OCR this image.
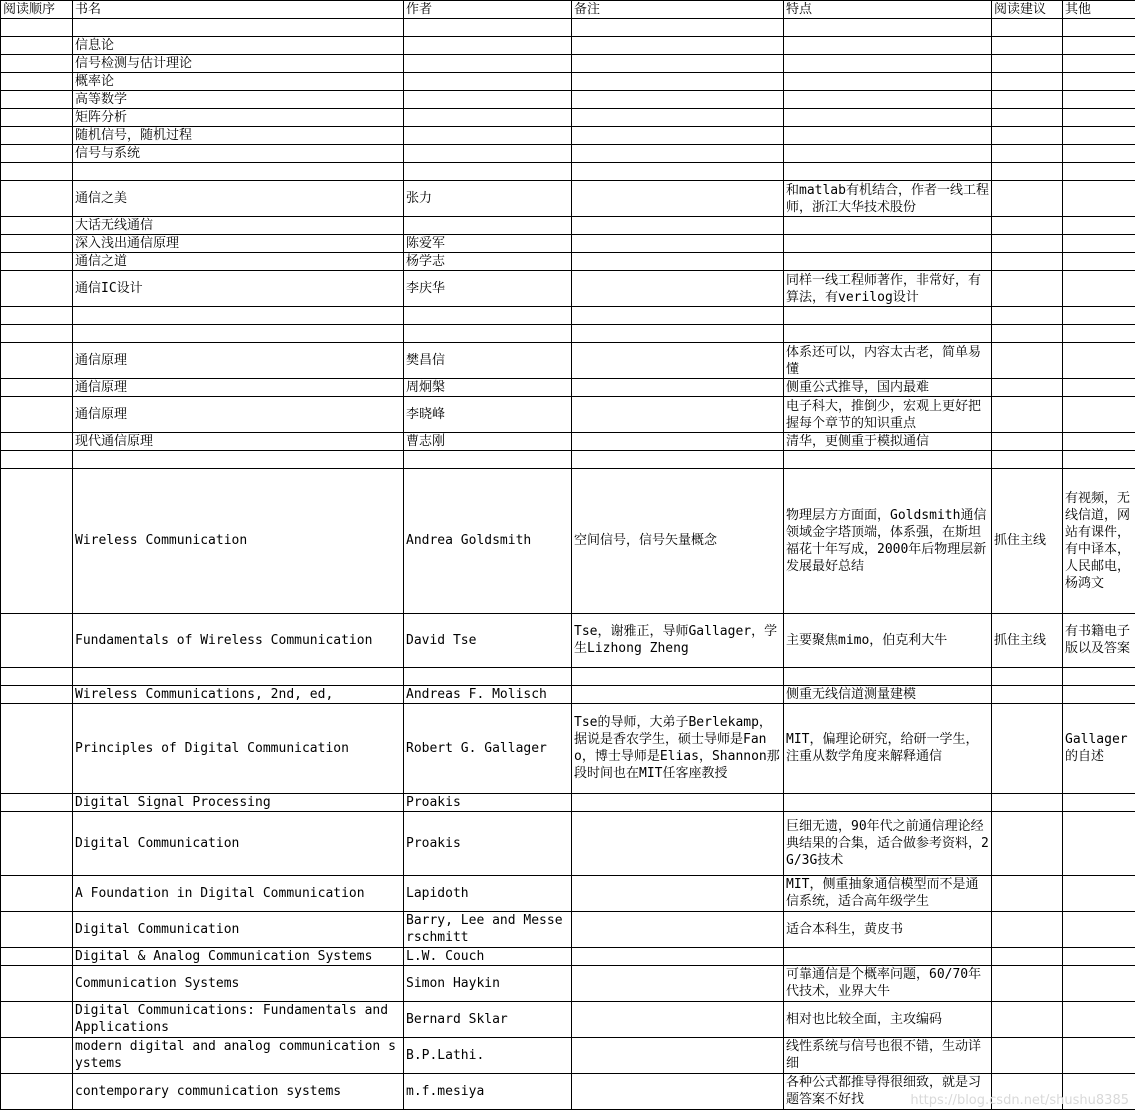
阅读顺序	书名	作者	备注	特点	阅读建议	其他

	信息论					
	信号检测与估计理论					
	概率论					
	高等数学					
	矩阵分析					
	随机信号，随机过程					
	信号与系统					

	通信之美	张力		和matlab有机结合，作者一线工程师，浙江大华技术股份		
	大话无线通信					
	深入浅出通信原理	陈爱军				
	通信之道	杨学志				
	通信IC设计	李庆华		同样一线工程师著作，非常好，有算法，有verilog设计		

	通信原理	樊昌信		体系还可以，内容太古老，简单易懂		
	通信原理	周炯槃		侧重公式推导，国内最难		
	通信原理	李晓峰		电子科大，推倒少，宏观上更好把握每个章节的知识重点		
	现代通信原理	曹志刚		清华，更侧重于模拟通信		

	Wireless Communication	Andrea Goldsmith	空间信号，信号矢量概念	物理层方方面面，Goldsmith通信领域金字塔顶端，体系强，在斯坦福花十年写成，2000年后物理层新发展最好总结	抓住主线	有视频，无线信道，网站有课件，有中译本，人民邮电，杨鸿文
	Fundamentals of Wireless Communication	David Tse	Tse，谢雅正，导师Gallager，学生Lizhong Zheng	主要聚焦mimo，伯克利大牛	抓住主线	有书籍电子版以及答案

	Wireless Communications, 2nd, ed,	Andreas F. Molisch		侧重无线信道测量建模		
	Principles of Digital Communication	Robert G. Gallager	Tse的导师，大弟子Berlekamp，据说是香农学生，硕士导师是Fano，博士导师是Elias，Shannon那段时间也在MIT任客座教授	MIT，偏理论研究，给研一学生，注重从数学角度来解释通信		Gallager的自述
	Digital Signal Processing	Proakis				
	Digital Communication	Proakis		巨细无遗，90年代之前通信理论经典结果的合集，适合做参考资料，2G/3G技术		
	A Foundation in Digital Communication	Lapidoth		MIT，侧重抽象通信模型而不是通信系统，适合高年级学生		
	Digital Communication	Barry, Lee and Messerschmitt		适合本科生，黄皮书		
	Digital & Analog Communication Systems	L.W. Couch				
	Communication Systems	Simon Haykin		可靠通信是个概率问题，60/70年代技术，业界大牛		
	Digital Communications: Fundamentals and Applications	Bernard Sklar		相对也比较全面，主攻编码		
	modern digital and analog communication systems	B.P.Lathi.		线性系统与信号也很不错，生动详细		
	contemporary communication systems	m.f.mesiya		各种公式都推导得很细致，就是习题答案不好找			https://blog.csdn.net/shushu8385
